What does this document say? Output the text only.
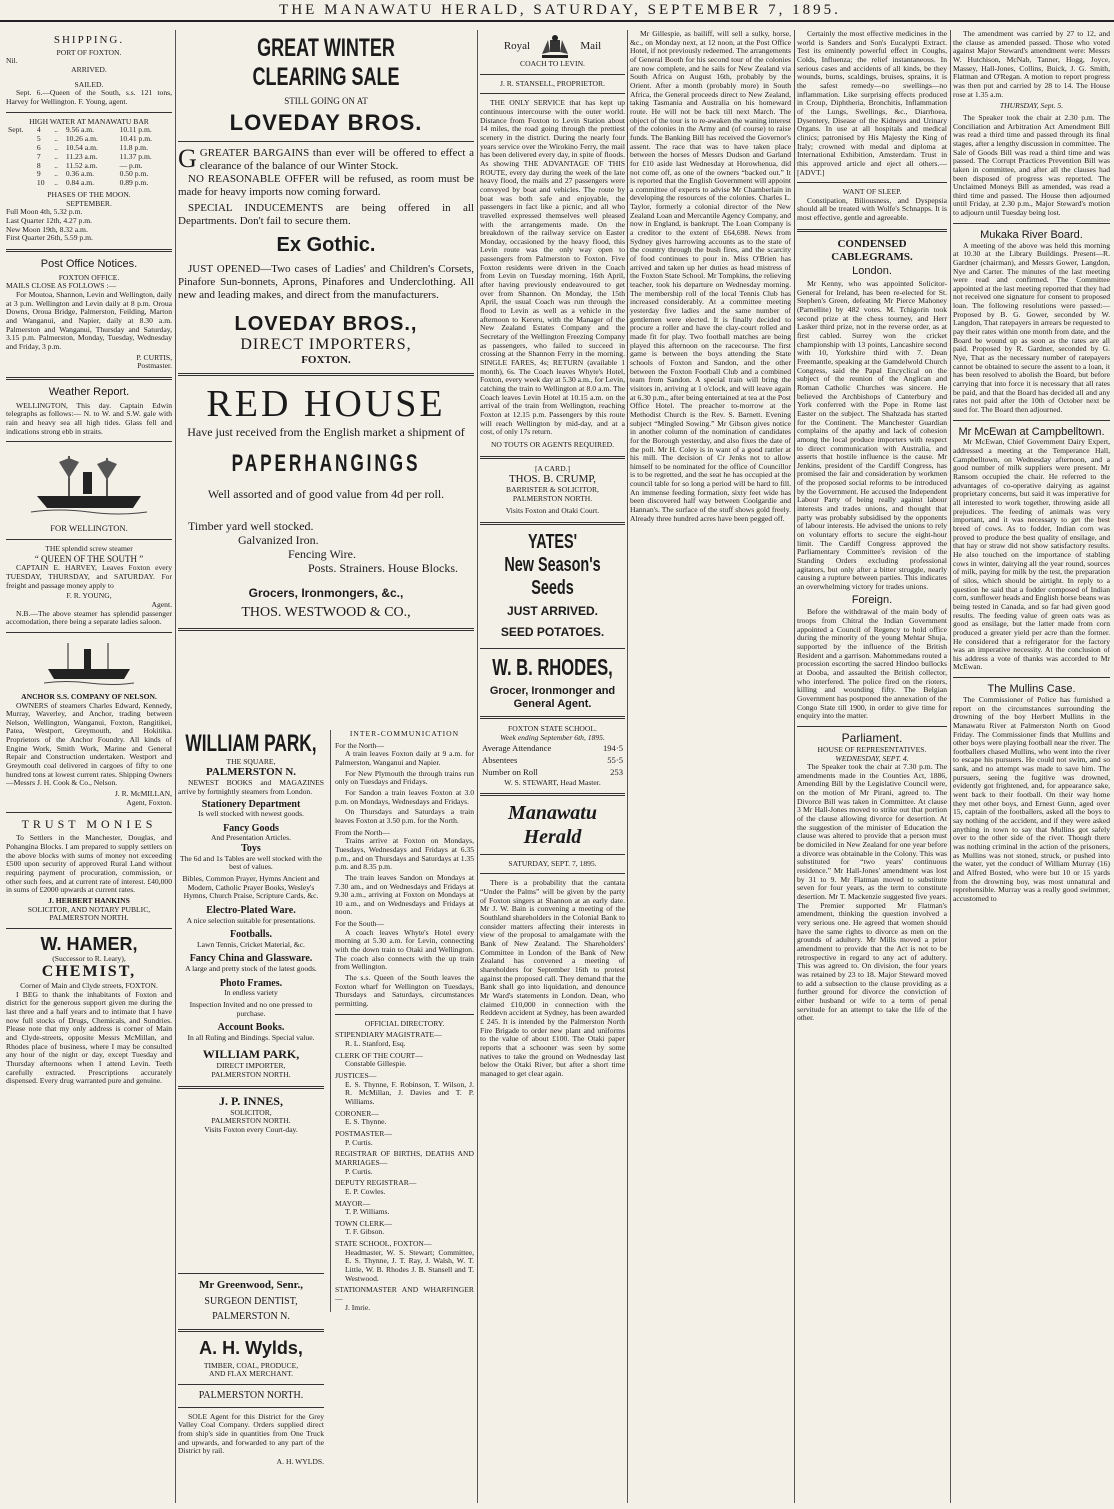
THE MANAWATU HERALD, SATURDAY, SEPTEMBER 7, 1895.
SHIPPING.
PORT OF FOXTON.
Nil.
ARRIVED.
SAILED.
Sept. 6.—Queen of the South, s.s. 121 tons, Harvey for Wellington. F. Young, agent.
HIGH WATER AT MANAWATU BAR
Sept.	4	..	9.56 a.m.	10.11 p.m.
	5	..	10.26 a.m.	10.41 p.m.
	6	..	10.54 a.m.	11.8 p.m.
	7	..	11.23 a.m.	11.37 p.m.
	8	..	11.52 a.m.	— p.m.
	9	..	0.36 a.m.	0.50 p.m.
	10	..	0.84 a.m.	0.89 p.m.
PHASES OF THE MOON.
SEPTEMBER.
Full Moon 4th, 5.32 p.m.
Last Quarter 12th, 4.27 p.m.
New Moon 19th, 8.32 a.m.
First Quarter 26th, 5.59 p.m.
Post Office Notices.
FOXTON OFFICE.
MAILS CLOSE AS FOLLOWS :—
For Moutoa, Shannon, Levin and Wellington, daily at 3 p.m. Wellington and Levin daily at 8 p.m. Oroua Downs, Oroua Bridge, Palmerston, Feilding, Marton and Wanganui, and Napier, daily at 8.30 a.m. Palmerston and Wanganui, Thursday and Saturday, 3.15 p.m. Palmerston, Monday, Tuesday, Wednesday and Friday, 3 p.m.
P. CURTIS,
Postmaster.
Weather Report.
WELLINGTON, This day. Captain Edwin telegraphs as follows:— N. to W. and S.W. gale with rain and heavy sea all high tides. Glass fell and indications strong ebb in straits.
FOR WELLINGTON.
THE splendid screw steamer
“ QUEEN OF THE SOUTH ”
CAPTAIN E. HARVEY, Leaves Foxton every TUESDAY, THURSDAY, and SATURDAY. For freight and passage money apply to
F. R. YOUNG,
Agent.
N.B.—The above steamer has splendid passenger accomodation, there being a separate ladies saloon.
ANCHOR S.S. COMPANY OF NELSON.
OWNERS of steamers Charles Edward, Kennedy, Murray, Waverley, and Anchor, trading between Nelson, Wellington, Wanganui, Foxton, Rangitikei, Patea, Westport, Greymouth, and Hokitika. Proprietors of the Anchor Foundry. All kinds of Engine Work, Smith Work, Marine and General Repair and Construction undertaken. Westport and Greymouth coal delivered in cargoes of fifty to one hundred tons at lowest current rates. Shipping Owners—Messrs J. H. Cook & Co., Nelson.
J. R. McMILLAN,
Agent, Foxton.
TRUST MONIES
To Settlers in the Manchester, Douglas, and Pohangina Blocks. I am prepared to supply settlers on the above blocks with sums of money not exceeding £500 upon security of approved Rural Land without requiring payment of procuration, commission, or other such fees, and at current rate of interest. £40,000 in sums of £2000 upwards at current rates.
J. HERBERT HANKINS
SOLICITOR, AND NOTARY PUBLIC, PALMERSTON NORTH.
W. HAMER,
(Successor to R. Leary),
CHEMIST,
Corner of Main and Clyde streets, FOXTON.
I BEG to thank the inhabitants of Foxton and district for the generous support given me during the last three and a half years and to intimate that I have now full stocks of Drugs, Chemicals, and Sundries. Please note that my only address is corner of Main and Clyde-streets, opposite Messrs McMillan, and Rhodes place of business, where I may be consulted any hour of the night or day, except Tuesday and Thursday afternoons when I attend Levin. Teeth carefully extracted. Prescriptions accurately dispensed. Every drug warranted pure and genuine.
GREAT WINTER CLEARING SALE
STILL GOING ON AT
LOVEDAY BROS.
GGREATER BARGAINS than ever will be offered to effect a clearance of the balance of our Winter Stock.
NO REASONABLE OFFER will be refused, as room must be made for heavy imports now coming forward.
SPECIAL INDUCEMENTS are being offered in all Departments. Don't fail to secure them.
Ex Gothic.
JUST OPENED—Two cases of Ladies' and Children's Corsets, Pinafore Sun-bonnets, Aprons, Pinafores and Underclothing. All new and leading makes, and direct from the manufacturers.
LOVEDAY BROS.,
DIRECT IMPORTERS,
FOXTON.
RED HOUSE
Have just received from the English market a shipment of
PAPERHANGINGS
Well assorted and of good value from 4d per roll.
Timber yard well stocked.
Galvanized Iron.
Fencing Wire.
Posts. Strainers. House Blocks.
Grocers, Ironmongers, &c.,
THOS. WESTWOOD & CO.,
WILLIAM PARK,
THE SQUARE,
PALMERSTON N.
NEWEST BOOKS and MAGAZINES arrive by fortnightly steamers from London.
Stationery Department
Is well stocked with newest goods.
Fancy Goods
And Presentation Articles.
Toys
The 6d and 1s Tables are well stocked with the best of values.
Bibles, Common Prayer, Hymns Ancient and Modern, Catholic Prayer Books, Wesley's Hymns, Church Praise, Scripture Cards, &c.
Electro-Plated Ware.
A nice selection suitable for presentations.
Footballs.
Lawn Tennis, Cricket Material, &c.
Fancy China and Glassware.
A large and pretty stock of the latest goods.
Photo Frames.
In endless variety
Inspection Invited and no one pressed to purchase.
Account Books.
In all Ruling and Bindings. Special value.
WILLIAM PARK,
DIRECT IMPORTER,
PALMERSTON NORTH.
J. P. INNES,
SOLICITOR,
PALMERSTON NORTH.
Visits Foxton every Court-day.
INTER-COMMUNICATION
For the North—
A train leaves Foxton daily at 9 a.m. for Palmerston, Wanganui and Napier.
For New Plymouth the through trains run only on Tuesdays and Fridays.
For Sandon a train leaves Foxton at 3.0 p.m. on Mondays, Wednesdays and Fridays.
On Thursdays and Saturdays a train leaves Foxton at 3.50 p.m. for the North.
From the North—
Trains arrive at Foxton on Mondays, Tuesdays, Wednesdays and Fridays at 6.35 p.m., and on Thursdays and Saturdays at 1.35 p.m. and 8.35 p.m.
The train leaves Sandon on Mondays at 7.30 am., and on Wednesdays and Fridays at 9.30 a.m., arriving at Foxton on Mondays at 10 a.m., and on Wednesdays and Fridays at noon.
For the South—
A coach leaves Whyte's Hotel every morning at 5.30 a.m. for Levin, connecting with the down train to Otaki and Wellington. The coach also connects with the up train from Wellington.
The s.s. Queen of the South leaves the Foxton wharf for Wellington on Tuesdays, Thursdays and Saturdays, circumstances permitting.
OFFICIAL DIRECTORY.
STIPENDIARY MAGISTRATE—
R. L. Stanford, Esq.
CLERK OF THE COURT—
Constable Gillespie.
JUSTICES—
E. S. Thynne, F. Robinson, T. Wilson, J. R. McMillan, J. Davies and T. P. Williams.
CORONER—
E. S. Thynne.
POSTMASTER—
P. Curtis.
REGISTRAR OF BIRTHS, DEATHS AND MARRIAGES—
P. Curtis.
DEPUTY REGISTRAR—
E. P. Cowles.
MAYOR—
T. P. Williams.
TOWN CLERK—
T. F. Gibson.
STATE SCHOOL, FOXTON—
Headmaster, W. S. Stewart; Committee, E. S. Thynne, J. T. Ray, J. Walsh, W. T. Little, W. B. Rhodes J. B. Stansell and T. Westwood.
STATIONMASTER AND WHARFINGER—
J. Imrie.
Mr Greenwood, Senr.,
SURGEON DENTIST,
PALMERSTON N.
A. H. Wylds,
TIMBER, COAL, PRODUCE,
AND FLAX MERCHANT.
PALMERSTON NORTH.
SOLE Agent for this District for the Grey Valley Coal Company. Orders supplied direct from ship's side in quantities from One Truck and upwards, and forwarded to any part of the District by rail.
A. H. WYLDS.
Royal	Mail
COACH TO LEVIN.
J. R. STANSELL, PROPRIETOR.
THE ONLY SERVICE that has kept up continuous intercourse with the outer world. Distance from Foxton to Levin Station about 14 miles, the road going through the prettiest scenery in the district. During the nearly four years service over the Wirokino Ferry, the mail has been delivered every day, in spite of floods. As showing THE ADVANTAGE OF THIS ROUTE, every day during the week of the late heavy flood, the mails and 27 passengers were conveyed by boat and vehicles. The route by boat was both safe and enjoyable, the passengers in fact like a picnic, and all who travelled expressed themselves well pleased with the arrangements made. On the breakdown of the railway service on Easter Monday, occasioned by the heavy flood, this Levin route was the only way open to passengers from Palmerston to Foxton. Five Foxton residents were driven in the Coach from Levin on Tuesday morning, 16th April, after having previously endeavoured to get over from Shannon. On Monday, the 15th April, the usual Coach was run through the flood to Levin as well as a vehicle in the afternoon to Kereru, with the Manager of the New Zealand Estates Company and the Secretary of the Wellington Freezing Company as passengers, who failed to succeed in crossing at the Shannon Ferry in the morning. SINGLE FARES, 4s; RETURN (available 1 month), 6s. The Coach leaves Whyte's Hotel, Foxton, every week day at 5.30 a.m., for Levin, catching the train to Wellington at 8.0 a.m. The Coach leaves Levin Hotel at 10.15 a.m. on the arrival of the train from Wellington, reaching Foxton at 12.15 p.m. Passengers by this route will reach Wellington by mid-day, and at a cost, of only 17s return.
NO TOUTS OR AGENTS REQUIRED.
[A CARD.]
THOS. B. CRUMP,
BARRISTER & SOLICITOR,
PALMERSTON NORTH.
Visits Foxton and Otaki Court.
YATES'
New Season's Seeds
JUST ARRIVED.
SEED POTATOES.
W. B. RHODES,
Grocer, Ironmonger and
General Agent.
FOXTON STATE SCHOOL.
Week ending September 6th, 1895.
Average Attendance	194·5
Absentees	55·5
Number on Roll	253
W. S. STEWART, Head Master.
Manawatu Herald
SATURDAY, SEPT. 7, 1895.
There is a probability that the cantata “Under the Palms” will be given by the party of Foxton singers at Shannon at an early date. Mr J. W. Bain is convening a meeting of the Southland shareholders in the Colonial Bank to consider matters affecting their interests in view of the proposal to amalgamate with the Bank of New Zealand. The Shareholders' Committee in London of the Bank of New Zealand has convened a meeting of shareholders for September 16th to protest against the proposed call. They demand that the Bank shall go into liquidation, and denounce Mr Ward's statements in London. Dean, who claimed £10,000 in connection with the Reddevn accident at Sydney, has been awarded £ 245. It is intended by the Palmerston North Fire Brigade to order new plant and uniforms to the value of about £100. The Otaki paper reports that a schooner was seen by some natives to take the ground on Wednesday last below the Otaki River, but after a short time managed to get clear again.
Mr Gillespie, as bailiff, will sell a sulky, horse, &c., on Monday next, at 12 noon, at the Post Office Hotel, if not previously redeemed. The arrangements of General Booth for his second tour of the colonies are now complete, and he sails for New Zealand via South Africa on August 16th, probably by the Orient. After a month (probably more) in South Africa, the General proceeds direct to New Zealand, taking Tasmania and Australia on his homeward route. He will not be back till next March. The object of the tour is to re-awaken the waning interest of the colonies in the Army and (of course) to raise funds. The Banking Bill has received the Governor's assent. The race that was to have taken place between the horses of Messrs Dudson and Garland for £10 aside last Wednesday at Horowhenua, did not come off, as one of the owners “backed out.” It is reported that the English Government will appoint a committee of experts to advise Mr Chamberlain in developing the resources of the colonies. Charles L. Taylor, formerly a colonial director of the New Zealand Loan and Mercantile Agency Company, and now in England, is bankrupt. The Loan Company is a creditor to the extent of £64,698. News from Sydney gives harrowing accounts as to the state of the country through the bush fires, and the scarcity of food continues to pour in. Miss O'Brien has arrived and taken up her duties as head mistress of the Foxton State School. Mr Tompkins, the relieving teacher, took his departure on Wednesday morning. The membership roll of the local Tennis Club has increased considerably. At a committee meeting yesterday five ladies and the same number of gentlemen were elected. It is finally decided to procure a roller and have the clay-court rolled and made fit for play. Two football matches are being played this afternoon on the racecourse. The first game is between the boys attending the State schools of Foxton and Sandon, and the other between the Foxton Football Club and a combined team from Sandon. A special train will bring the visitors in, arriving at 1 o'clock, and will leave again at 6.30 p.m., after being entertained at tea at the Post Office Hotel. The preacher to-morrow at the Methodist Church is the Rev. S. Barnett. Evening subject “Mingled Sowing.” Mr Gibson gives notice in another column of the nomination of candidates for the Borough yesterday, and also fixes the date of the poll. Mr H. Coley is in want of a good rattler at his mill. The decision of Cr Jenks not to allow himself to be nominated for the office of Councillor is to be regretted, and the seat he has occupied at the council table for so long a period will be hard to fill. An immense feeding formation, sixty feet wide has been discovered half way between Coolgardie and Hannan's. The surface of the stuff shows gold freely. Already three hundred acres have been pegged off.
Certainly the most effective medicines in the world is Sanders and Son's Eucalypti Extract. Test its eminently powerful effect in Coughs, Colds, Influenza; the relief instantaneous. In serious cases and accidents of all kinds, be they wounds, burns, scaldings, bruises, sprains, it is the safest remedy—no swellings—no inflammation. Like surprising effects produced in Croup, Diphtheria, Bronchitis, Inflammation of the Lungs, Swellings, &c., Diarrhoea, Dysentery, Disease of the Kidneys and Urinary Organs. In use at all hospitals and medical clinics; patronised by His Majesty the King of Italy; crowned with medal and diploma at International Exhibition, Amsterdam. Trust in this approved article and eject all others.—[ADVT.]
WANT OF SLEEP.
Constipation, Biliousness, and Dyspepsia should all be treated with Wolfe's Schnapps. It is most effective, gentle and agreeable.
CONDENSED CABLEGRAMS.
London.
Mr Kenny, who was appointed Solicitor-General for Ireland, has been re-elected for St. Stephen's Green, defeating Mr Pierce Mahoney (Parnellite) by 482 votes. M. Tchigorin took second prize at the chess tourney, and Herr Lasker third prize, not in the reverse order, as at first cabled. Surrey won the cricket championship with 13 points, Lancashire second with 10, Yorkshire third with 7. Dean Freemantle, speaking at the Gamdelwold Church Congress, said the Papal Encyclical on the subject of the reunion of the Anglican and Roman Catholic Churches was sincere. He believed the Archbishops of Canterbury and York conferred with the Pope in Rome last Easter on the subject. The Shahzada has started for the Continent. The Manchester Guardian complains of the apathy and lack of cohesion among the local produce importers with respect to direct communication with Australia, and asserts that hostile influence is the cause. Mr Jenkins, president of the Cardiff Congress, has promised the fair and consideration by workmen of the proposed social reforms to be introduced by the Government. He accused the Independent Labour Party of being really against labour interests and trades unions, and thought that party was probably subsidised by the opponents of labour interests. He advised the unions to rely on voluntary efforts to secure the eight-hour limit. The Cardiff Congress approved the Parliamentary Committee's revision of the Standing Orders excluding professional agitators, but only after a bitter struggle, nearly causing a rupture between parties. This indicates an overwhelming victory for trades unions.
Foreign.
Before the withdrawal of the main body of troops from Chitral the Indian Government appointed a Council of Regency to hold office during the minority of the young Mehtar Shuja, supported by the influence of the British Resident and a garrison. Mahommedans routed a procession escorting the sacred Hindoo bullocks at Dooba, and assaulted the British collector, who interfered. The police fired on the rioters, killing and wounding fifty. The Belgian Government has postponed the annexation of the Congo State till 1900, in order to give time for enquiry into the matter.
Parliament.
HOUSE OF REPRESENTATIVES.
WEDNESDAY, SEPT. 4.
The Speaker took the chair at 7.30 p.m. The amendments made in the Counties Act, 1886, Amending Bill by the Legislative Council were, on the motion of Mr Pirani, agreed to. The Divorce Bill was taken in Committee. At clause 3 Mr Hall-Jones moved to strike out that portion of the clause allowing divorce for desertion. At the suggestion of the minister of Education the clause was altered to provide that a person must be domiciled in New Zealand for one year before a divorce was obtainable in the Colony. This was substituted for “two years' continuous residence.” Mr Hall-Jones' amendment was lost by 31 to 9. Mr Flatman moved to substitute seven for four years, as the term to constitute desertion. Mr T. Mackenzie suggested five years. The Premier supported Mr Flatman's amendment, thinking the question involved a very serious one. He agreed that women should have the same rights to divorce as men on the grounds of adultery. Mr Mills moved a prior amendment to provide that the Act is not to be retrospective in regard to any act of adultery. This was agreed to. On division, the four years was retained by 23 to 18. Major Steward moved to add a subsection to the clause providing as a further ground for divorce the conviction of either husband or wife to a term of penal servitude for an attempt to take the life of the other.
The amendment was carried by 27 to 12, and the clause as amended passed. Those who voted against Major Steward's amendment were: Messrs W. Hutchison, McNab, Tanner, Hogg, Joyce, Massey, Hall-Jones, Collins, Buick, J. G. Smith, Flatman and O'Regan. A motion to report progress was then put and carried by 28 to 14. The House rose at 1.35 a.m.
THURSDAY, Sept. 5.
The Speaker took the chair at 2.30 p.m. The Conciliation and Arbitration Act Amendment Bill was read a third time and passed through its final stages, after a lengthy discussion in committee. The Sale of Goods Bill was read a third time and was passed. The Corrupt Practices Prevention Bill was taken in committee, and after all the clauses had been disposed of progress was reported. The Unclaimed Moneys Bill as amended, was read a third time and passed. The House then adjourned until Friday, at 2.30 p.m., Major Steward's motion to adjourn until Tuesday being lost.
Mukaka River Board.
A meeting of the above was held this morning at 10.30 at the Library Buildings. Present—R. Gardner (chairman), and Messrs Gower, Langdon, Nye and Carter. The minutes of the last meeting were read and confirmed. The Committee appointed at the last meeting reported that they had not received one signature for consent to proposed loan. The following resolutions were passed:— Proposed by B. G. Gower, seconded by W. Langdon, That ratepayers in arrears be requested to pay their rates within one month from date, and the Board be wound up as soon as the rates are all paid. Proposed by R. Gardner, seconded by G. Nye, That as the necessary number of ratepayers cannot be obtained to secure the assent to a loan, it has been resolved to abolish the Board, but before carrying that into force it is necessary that all rates be paid, and that the Board has decided all and any rates not paid after the 10th of October next be sued for. The Board then adjourned.
Mr McEwan at Campbelltown.
Mr McEwan, Chief Government Dairy Expert, addressed a meeting at the Temperance Hall, Campbelltown, on Wednesday afternoon, and a good number of milk suppliers were present. Mr Ransom occupied the chair. He referred to the advantages of co-operative dairying as against proprietary concerns, but said it was imperative for all interested to work together, throwing aside all prejudices. The feeding of animals was very important, and it was necessary to get the best breed of cows. As to fodder, Indian corn was proved to produce the best quality of ensilage, and that hay or straw did not show satisfactory results. He also touched on the importance of stabling cows in winter, dairying all the year round, sources of milk, paying for milk by the test, the preparation of silos, which should be airtight. In reply to a question he said that a fodder composed of Indian corn, sunflower heads and English horse beans was being tested in Canada, and so far had given good results. The feeding value of green oats was as good as ensilage, but the latter made from corn produced a greater yield per acre than the former. He considered that a refrigerator for the factory was an imperative necessity. At the conclusion of his address a vote of thanks was accorded to Mr McEwan.
The Mullins Case.
The Commissioner of Police has furnished a report on the circumstances surrounding the drowning of the boy Herbert Mullins in the Manawatu River at Palmerston North on Good Friday. The Commissioner finds that Mullins and other boys were playing football near the river. The footballers chased Mullins, who went into the river to escape his pursuers. He could not swim, and so sank, and no attempt was made to save him. The pursuers, seeing the fugitive was drowned, evidently got frightened, and, for appearance sake, went back to their football. On their way home they met other boys, and Ernest Gunn, aged over 15, captain of the footballers, asked all the boys to say nothing of the accident, and if they were asked anything in town to say that Mullins got safely over to the other side of the river. Though there was nothing criminal in the action of the prisoners, as Mullins was not stoned, struck, or pushed into the water, yet the conduct of William Murray (16) and Alfred Bosted, who were but 10 or 15 yards from the drowning boy, was most unnatural and reprehensible. Murray was a really good swimmer, accustomed to
